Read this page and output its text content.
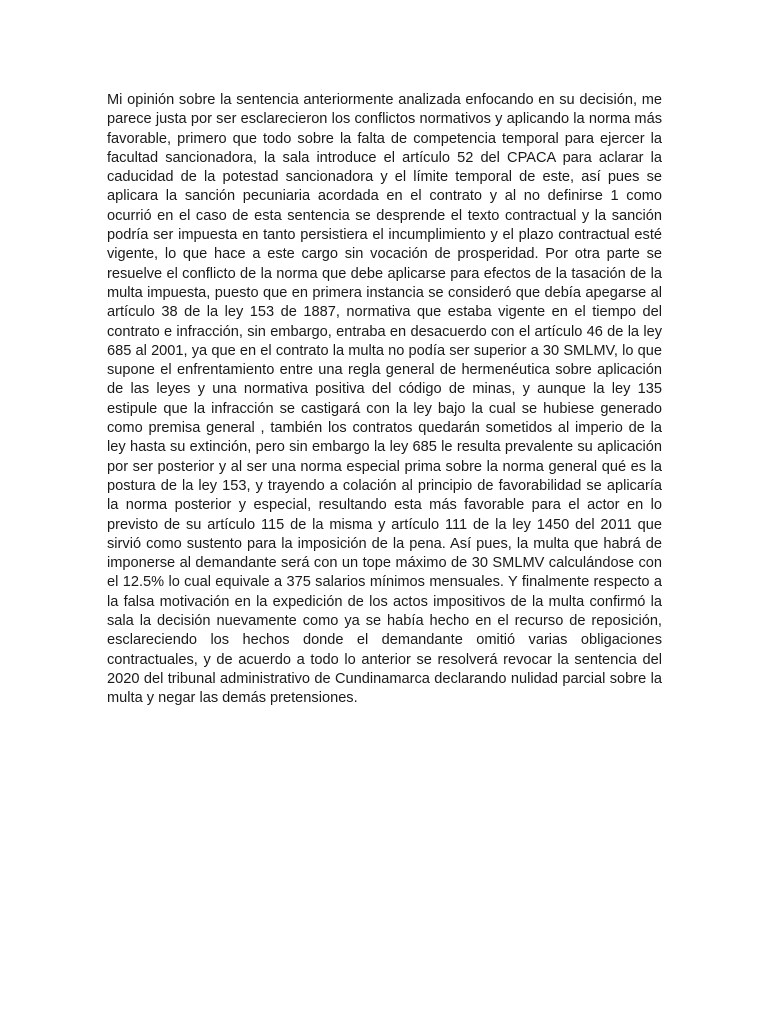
Mi opinión sobre la sentencia anteriormente analizada enfocando en su decisión, me parece justa por ser esclarecieron los conflictos normativos y aplicando la norma más favorable, primero que todo sobre la falta de competencia temporal para ejercer la facultad sancionadora, la sala introduce el artículo 52 del CPACA para aclarar la caducidad de la potestad sancionadora y el límite temporal de este, así pues se aplicara la sanción pecuniaria acordada en el contrato y al no definirse 1 como ocurrió en el caso de esta sentencia se desprende el texto contractual y la sanción podría ser impuesta en tanto persistiera el incumplimiento y el plazo contractual esté vigente, lo que hace a este cargo sin vocación de prosperidad. Por otra parte se resuelve el conflicto de la norma que debe aplicarse para efectos de la tasación de la multa impuesta, puesto que en primera instancia se consideró que debía apegarse al artículo 38 de la ley 153 de 1887, normativa que estaba vigente en el tiempo del contrato e infracción, sin embargo, entraba en desacuerdo con el artículo 46 de la ley 685 al 2001, ya que en el contrato la multa no podía ser superior a 30 SMLMV, lo que supone el enfrentamiento entre una regla general de hermenéutica sobre aplicación de las leyes y una normativa positiva del código de minas, y aunque la ley 135 estipule que la infracción se castigará con la ley bajo la cual se hubiese generado como premisa general , también los contratos quedarán sometidos al imperio de la ley hasta su extinción, pero sin embargo la ley 685 le resulta prevalente su aplicación por ser posterior y al ser una norma especial prima sobre la norma general qué es la postura de la ley 153, y trayendo a colación al principio de favorabilidad se aplicaría la norma posterior y especial, resultando esta más favorable para el actor en lo previsto de su artículo 115 de la misma y artículo 111 de la ley 1450 del 2011 que sirvió como sustento para la imposición de la pena. Así pues, la multa que habrá de imponerse al demandante será con un tope máximo de 30 SMLMV calculándose con el 12.5% lo cual equivale a 375 salarios mínimos mensuales. Y finalmente respecto a la falsa motivación en la expedición de los actos impositivos de la multa confirmó la sala la decisión nuevamente como ya se había hecho en el recurso de reposición, esclareciendo los hechos donde el demandante omitió varias obligaciones contractuales, y de acuerdo a todo lo anterior se resolverá revocar la sentencia del 2020 del tribunal administrativo de Cundinamarca declarando nulidad parcial sobre la multa y negar las demás pretensiones.
